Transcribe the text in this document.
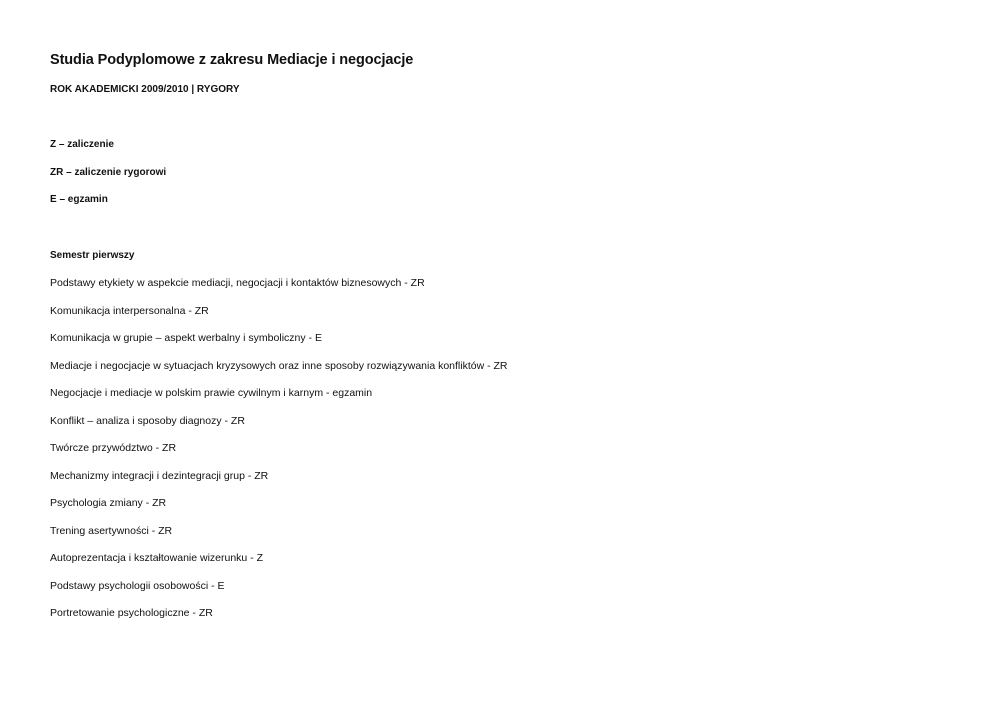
Studia Podyplomowe z zakresu Mediacje i negocjacje
ROK AKADEMICKI 2009/2010 | RYGORY
Z – zaliczenie
ZR – zaliczenie rygorowi
E – egzamin
Semestr pierwszy
Podstawy etykiety w aspekcie mediacji, negocjacji i kontaktów biznesowych - ZR
Komunikacja interpersonalna - ZR
Komunikacja w grupie – aspekt werbalny i symboliczny - E
Mediacje i negocjacje w sytuacjach kryzysowych oraz inne sposoby rozwiązywania konfliktów - ZR
Negocjacje i mediacje w polskim prawie cywilnym i karnym - egzamin
Konflikt – analiza i sposoby diagnozy - ZR
Twórcze przywództwo - ZR
Mechanizmy integracji i dezintegracji grup - ZR
Psychologia zmiany - ZR
Trening asertywności - ZR
Autoprezentacja i kształtowanie wizerunku - Z
Podstawy psychologii osobowości - E
Portretowanie psychologiczne - ZR
